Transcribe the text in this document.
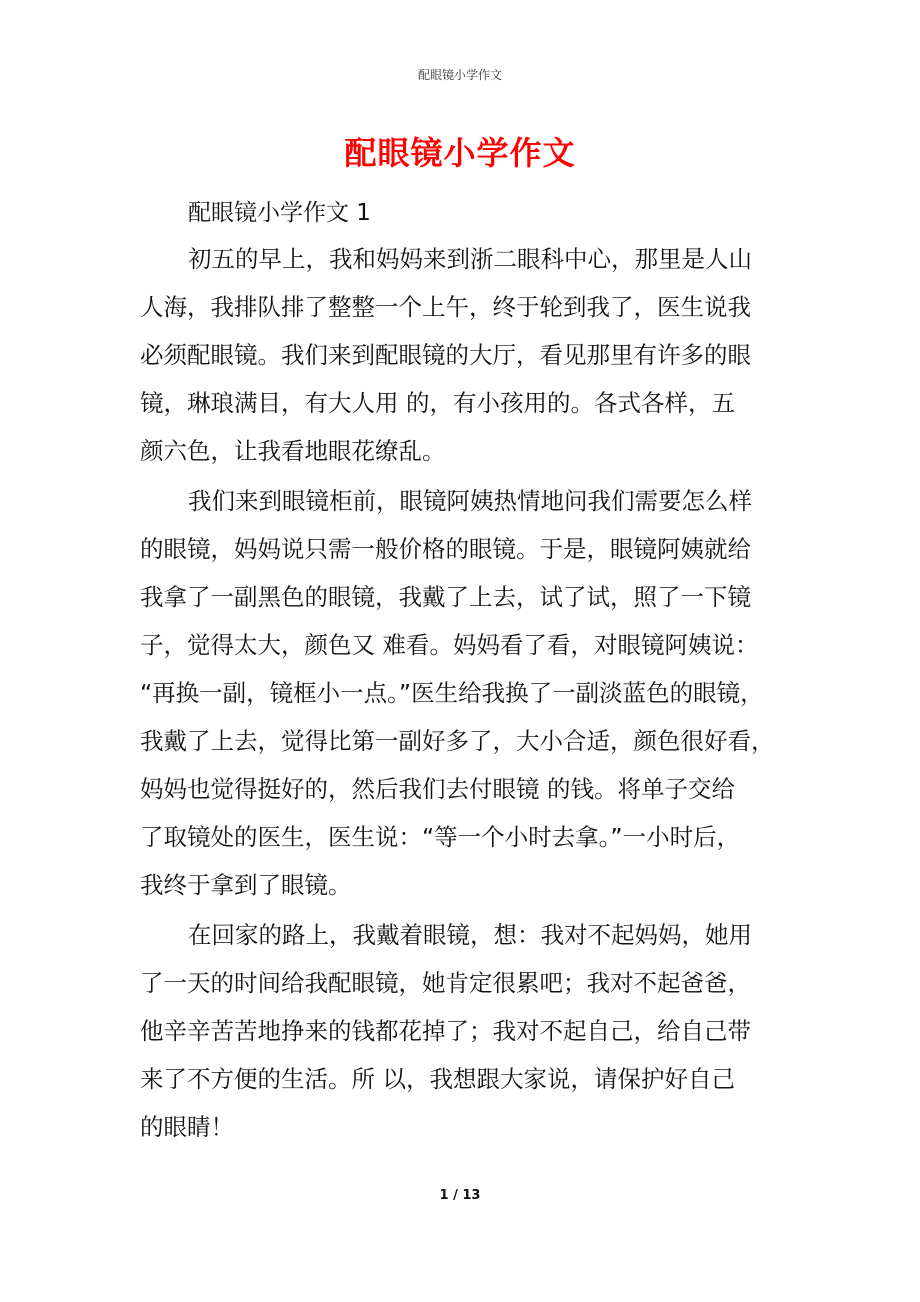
配眼镜小学作文
配眼镜小学作文
配眼镜小学作文 1
初五的早上，我和妈妈来到浙二眼科中心，那里是人山
人海，我排队排了整整一个上午，终于轮到我了，医生说我
必须配眼镜。我们来到配眼镜的大厅，看见那里有许多的眼
镜，琳琅满目，有大人用 的，有小孩用的。各式各样，五
颜六色，让我看地眼花缭乱。
我们来到眼镜柜前，眼镜阿姨热情地问我们需要怎么样
的眼镜，妈妈说只需一般价格的眼镜。于是，眼镜阿姨就给
我拿了一副黑色的眼镜，我戴了上去，试了试，照了一下镜
子，觉得太大，颜色又 难看。妈妈看了看，对眼镜阿姨说：
“再换一副，镜框小一点。”医生给我换了一副淡蓝色的眼镜，
我戴了上去，觉得比第一副好多了，大小合适，颜色很好看，
妈妈也觉得挺好的，然后我们去付眼镜 的钱。将单子交给
了取镜处的医生，医生说：“等一个小时去拿。”一小时后，
我终于拿到了眼镜。
在回家的路上，我戴着眼镜，想：我对不起妈妈，她用
了一天的时间给我配眼镜，她肯定很累吧；我对不起爸爸，
他辛辛苦苦地挣来的钱都花掉了；我对不起自己，给自己带
来了不方便的生活。所 以，我想跟大家说，请保护好自己
的眼睛！
1 / 13
